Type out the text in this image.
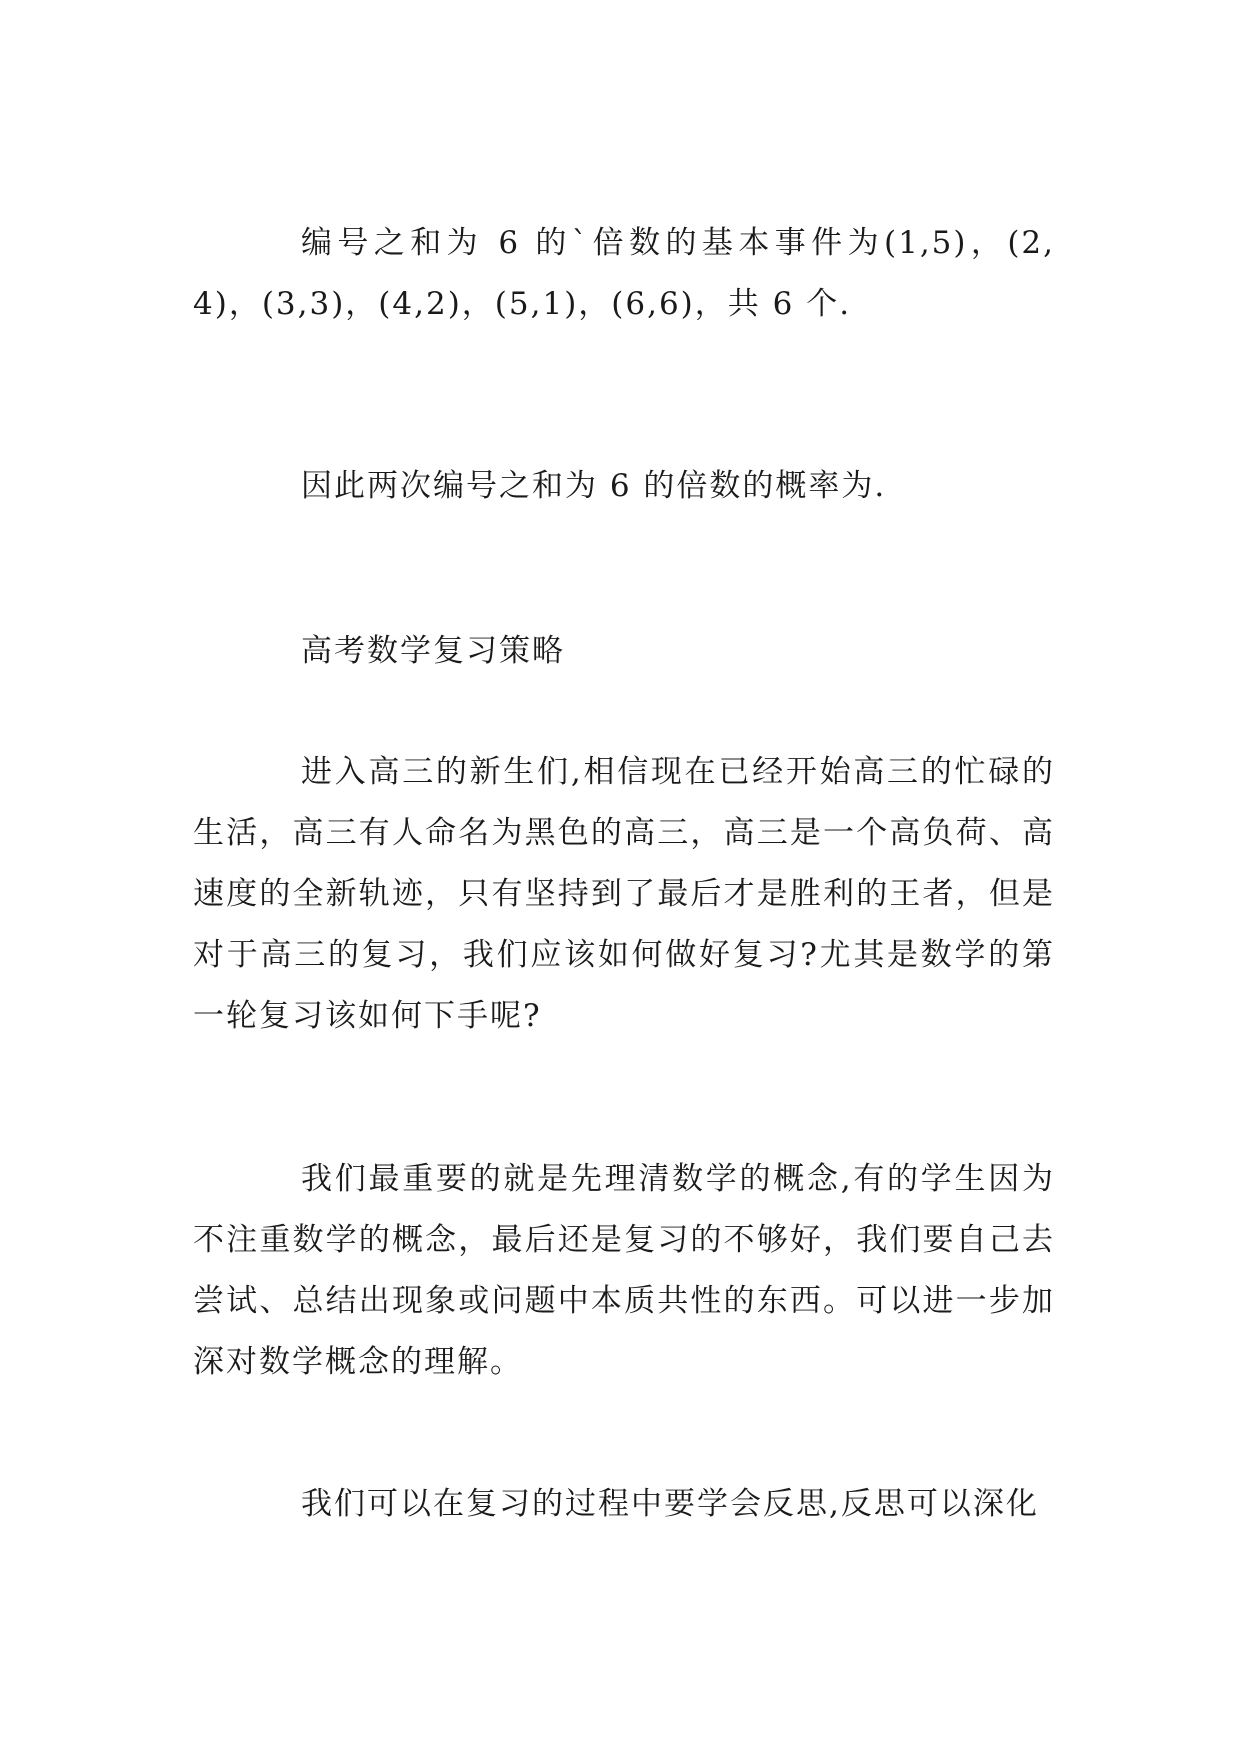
编号之和为 6 的`倍数的基本事件为(1,5)，(2,4)，(3,3)，(4,2)，(5,1)，(6,6)，共 6 个.

因此两次编号之和为 6 的倍数的概率为.

高考数学复习策略

进入高三的新生们,相信现在已经开始高三的忙碌的生活，高三有人命名为黑色的高三，高三是一个高负荷、高速度的全新轨迹，只有坚持到了最后才是胜利的王者，但是对于高三的复习，我们应该如何做好复习?尤其是数学的第一轮复习该如何下手呢?

我们最重要的就是先理清数学的概念,有的学生因为不注重数学的概念，最后还是复习的不够好，我们要自己去尝试、总结出现象或问题中本质共性的东西。可以进一步加深对数学概念的理解。

我们可以在复习的过程中要学会反思,反思可以深化
